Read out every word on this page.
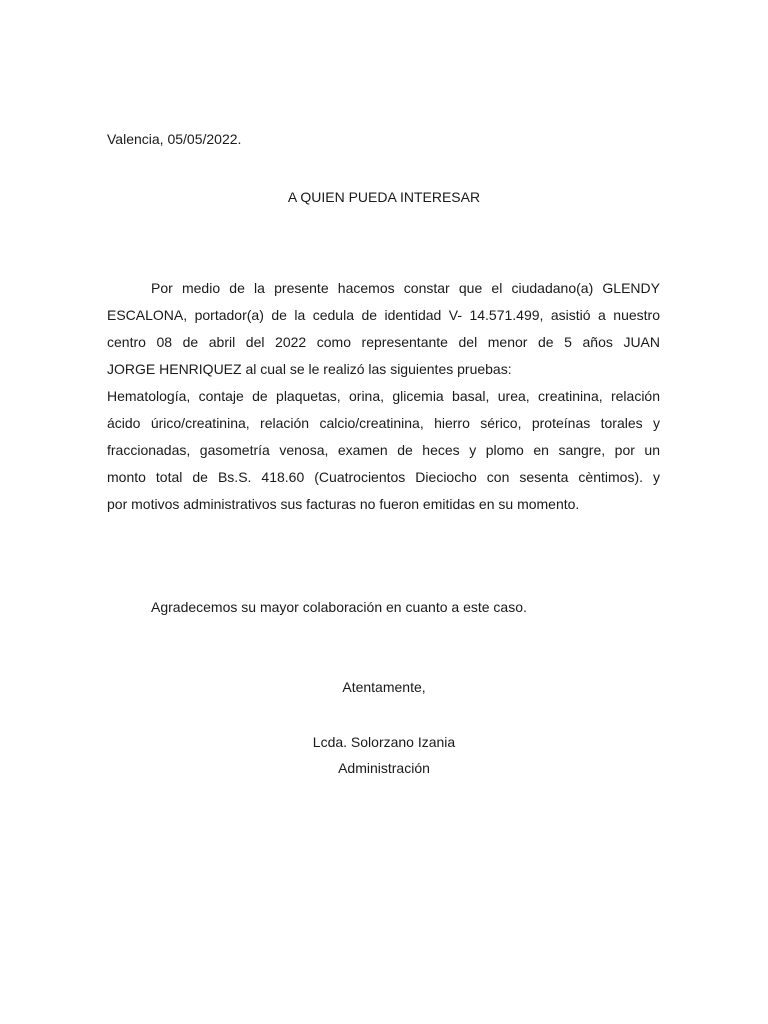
Valencia, 05/05/2022.
A QUIEN PUEDA INTERESAR
Por medio de la presente hacemos constar que el ciudadano(a) GLENDY
ESCALONA, portador(a) de la cedula de identidad V- 14.571.499, asistió a nuestro
centro 08 de abril del 2022 como representante del menor de 5 años JUAN
JORGE HENRIQUEZ al cual se le realizó las siguientes pruebas:
Hematología, contaje de plaquetas, orina, glicemia basal, urea, creatinina, relación
ácido úrico/creatinina, relación calcio/creatinina, hierro sérico, proteínas torales y
fraccionadas, gasometría venosa, examen de heces y plomo en sangre, por un
monto total de Bs.S. 418.60 (Cuatrocientos Dieciocho con sesenta cèntimos). y
por motivos administrativos sus facturas no fueron emitidas en su momento.
Agradecemos su mayor colaboración en cuanto a este caso.
Atentamente,
Lcda. Solorzano Izania
Administración
